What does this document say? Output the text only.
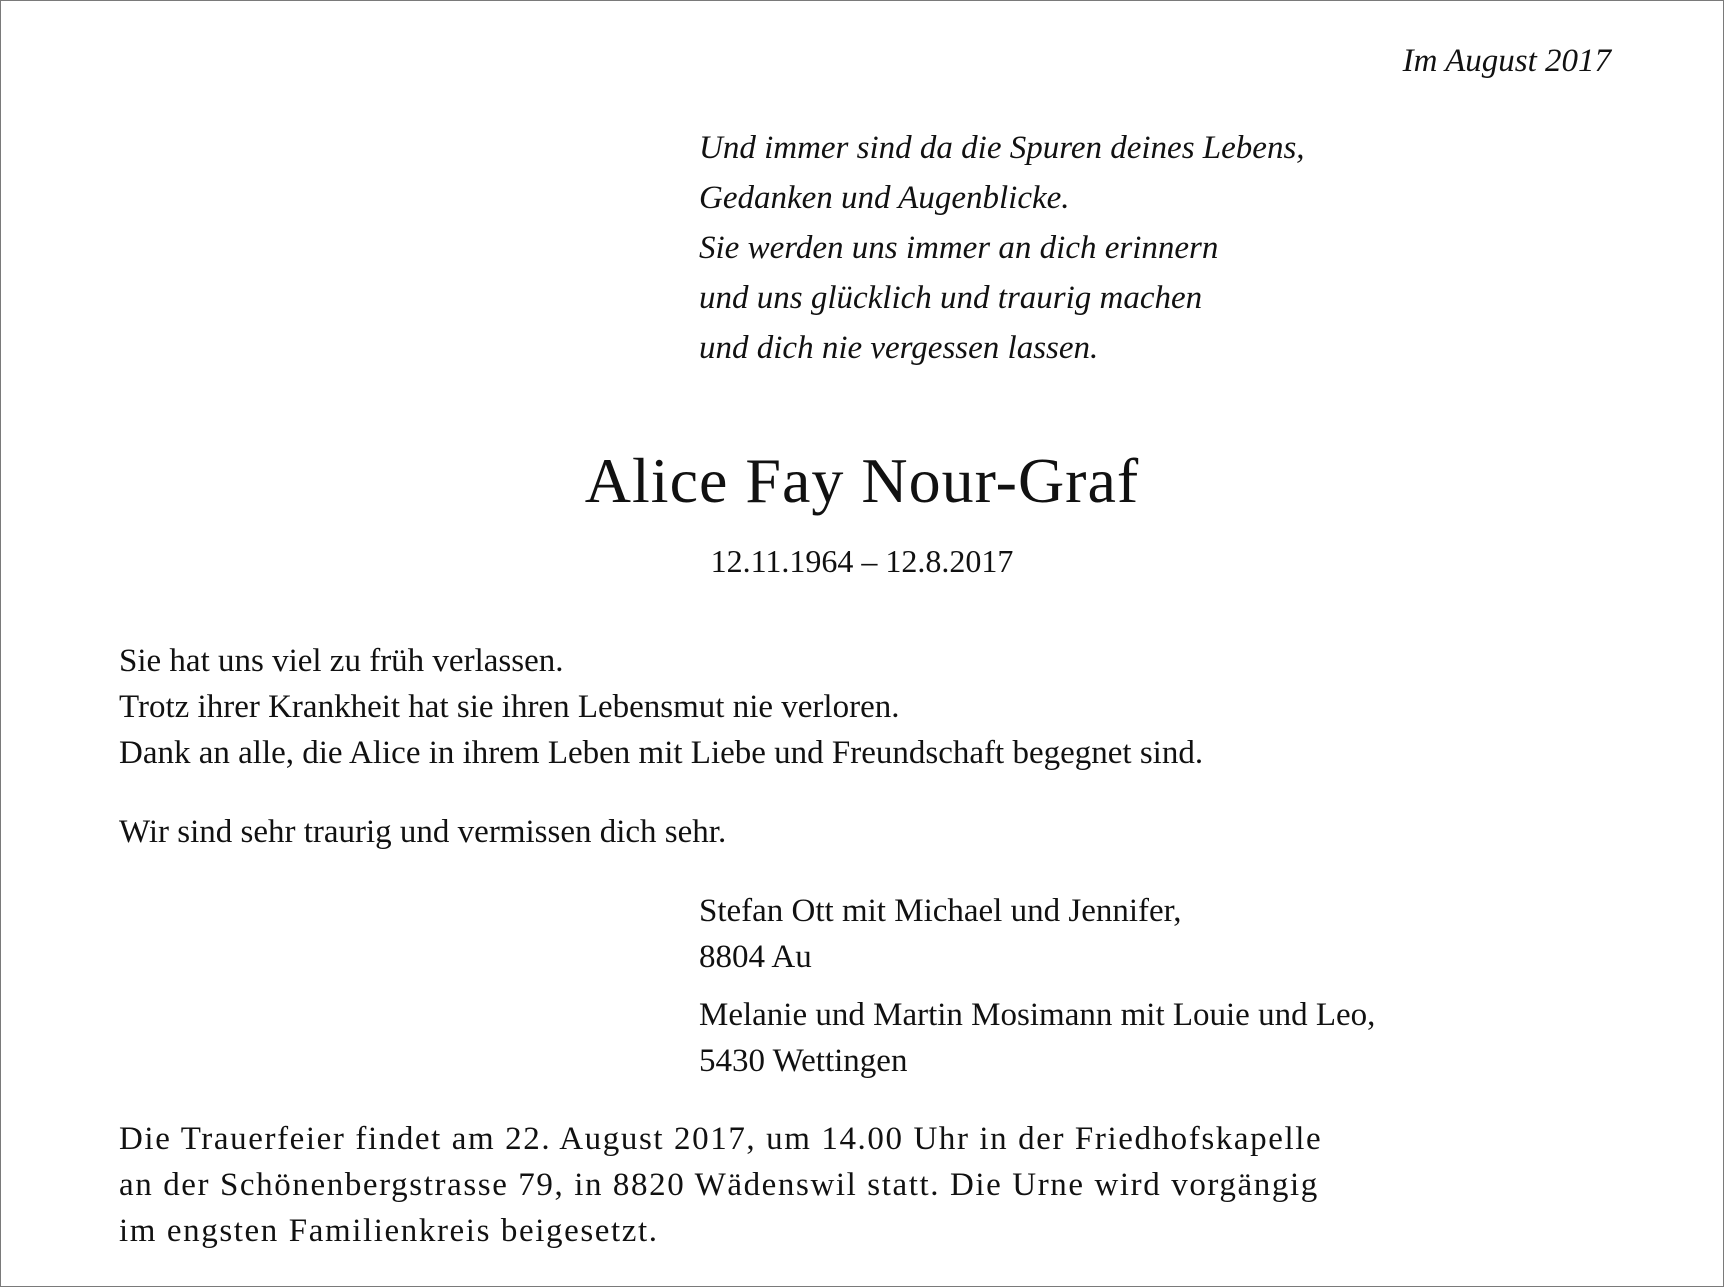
Im August 2017
Und immer sind da die Spuren deines Lebens,
Gedanken und Augenblicke.
Sie werden uns immer an dich erinnern
und uns glücklich und traurig machen
und dich nie vergessen lassen.
Alice Fay Nour-Graf
12.11.1964 – 12.8.2017
Sie hat uns viel zu früh verlassen.
Trotz ihrer Krankheit hat sie ihren Lebensmut nie verloren.
Dank an alle, die Alice in ihrem Leben mit Liebe und Freundschaft begegnet sind.
Wir sind sehr traurig und vermissen dich sehr.
Stefan Ott mit Michael und Jennifer,
8804 Au
Melanie und Martin Mosimann mit Louie und Leo,
5430 Wettingen
Die Trauerfeier findet am 22. August 2017, um 14.00 Uhr in der Friedhofskapelle
an der Schönenbergstrasse 79, in 8820 Wädenswil statt. Die Urne wird vorgängig
im engsten Familienkreis beigesetzt.
